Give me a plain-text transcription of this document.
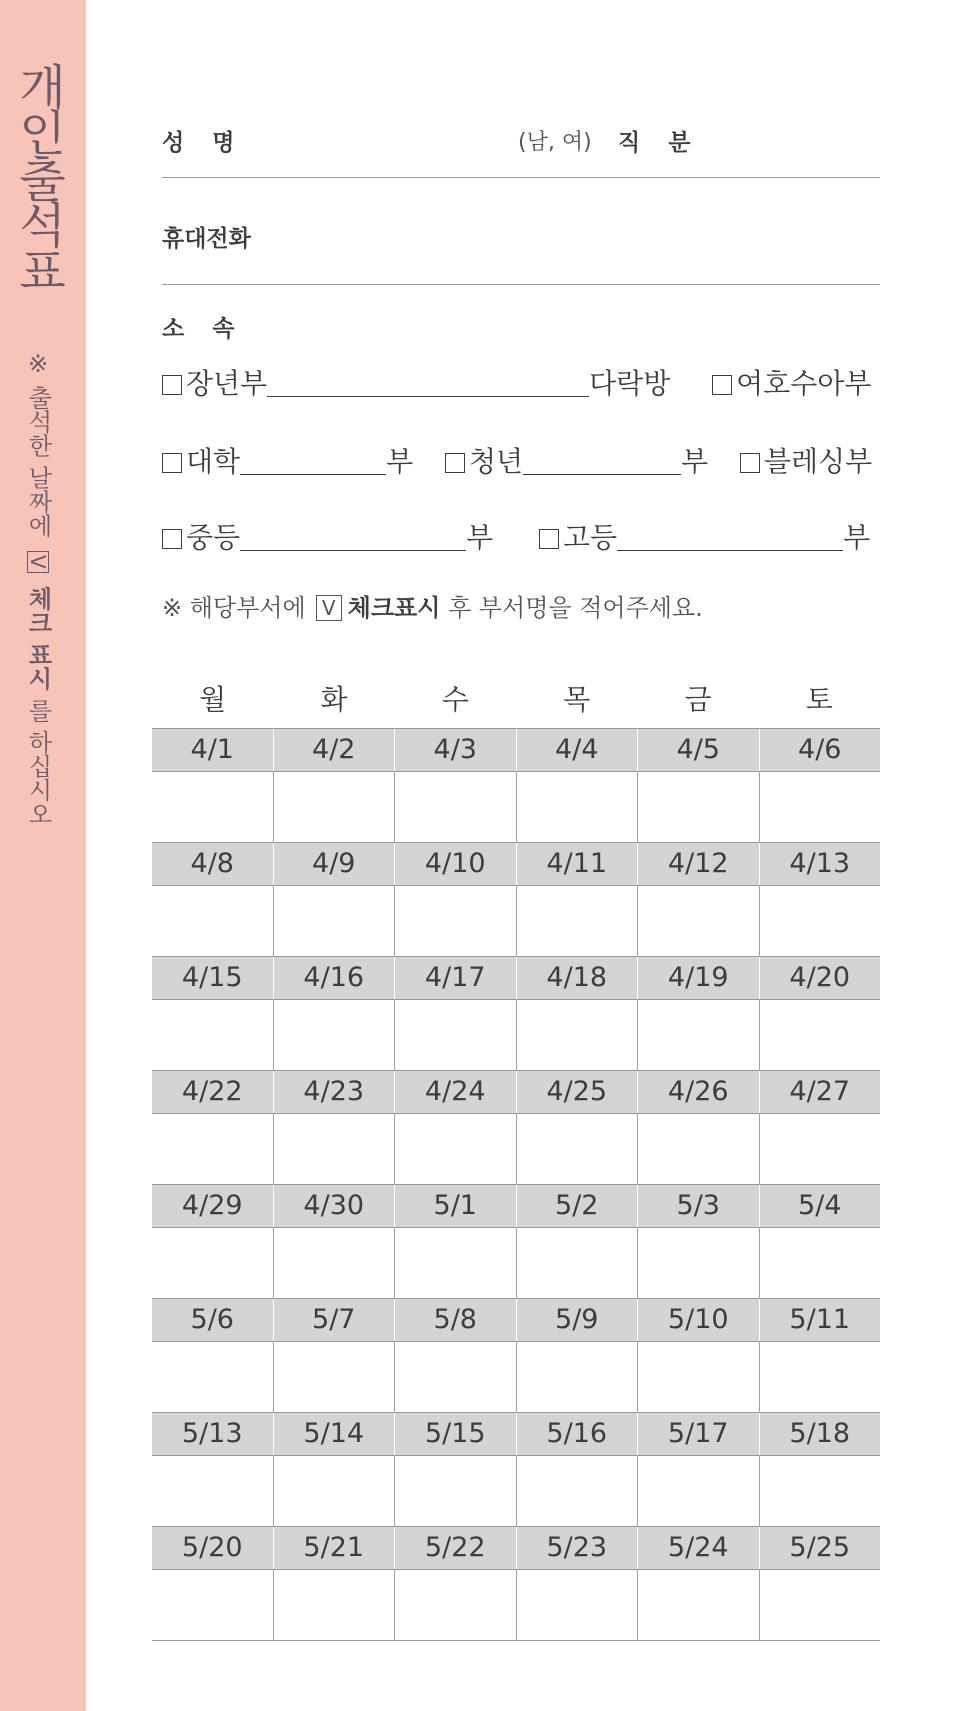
개인출석표
※ 출석한 날짜에 V 체크 표시 를 하십시오
성명	(남, 여) 직분
휴대전화
소속
장년부	다락방 여호수아부
대학	부 청년	부 블레싱부
중등	부 고등	부
※ 해당부서에 V 체크표시 후 부서명을 적어주세요.
월	화	수	목	금	토
4/1	4/2	4/3	4/4	4/5	4/6
4/8	4/9	4/10	4/11	4/12	4/13
4/15	4/16	4/17	4/18	4/19	4/20
4/22	4/23	4/24	4/25	4/26	4/27
4/29	4/30	5/1	5/2	5/3	5/4
5/6	5/7	5/8	5/9	5/10	5/11
5/13	5/14	5/15	5/16	5/17	5/18
5/20	5/21	5/22	5/23	5/24	5/25
